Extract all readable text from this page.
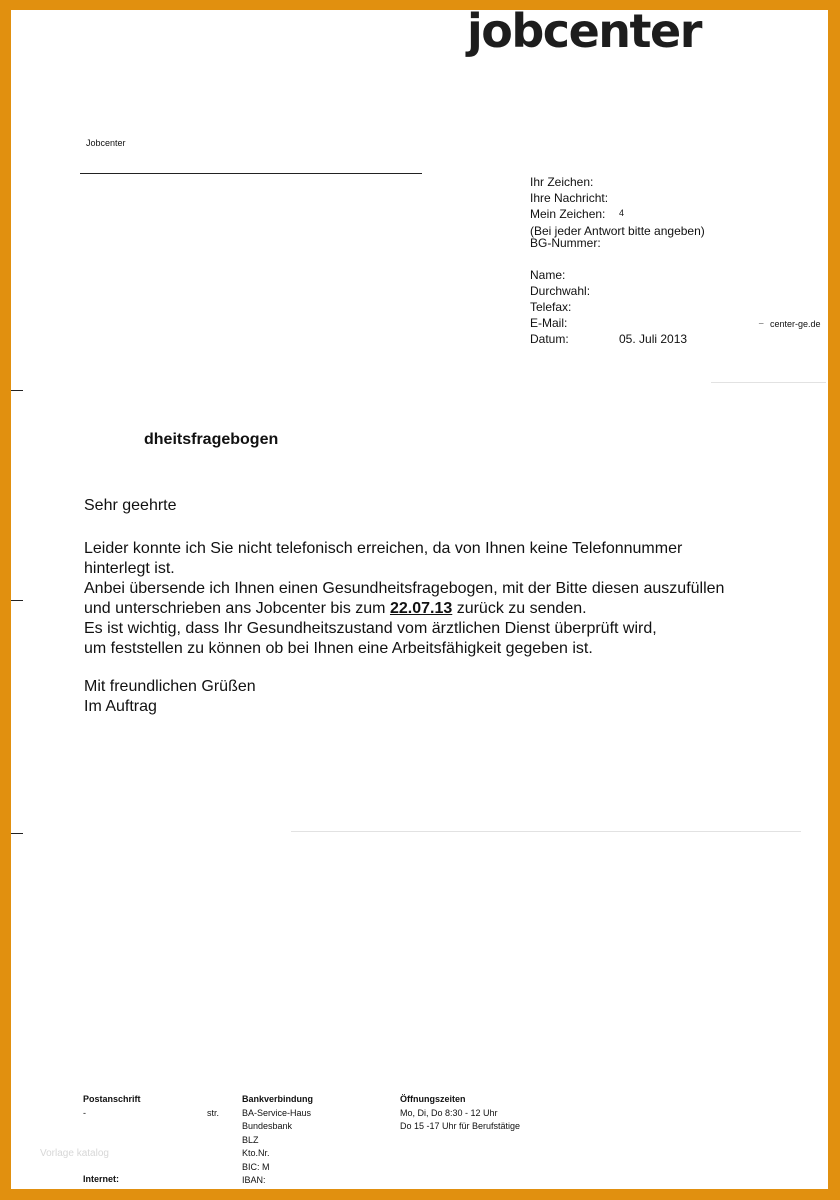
jobcenter
Jobcenter
Ihr Zeichen:
Ihre Nachricht:
Mein Zeichen: 4
(Bei jeder Antwort bitte angeben)
BG-Nummer:
Name:
Durchwahl:
Telefax:
E-Mail:	_ center-ge.de
Datum:	05. Juli 2013
dheitsfragebogen
Sehr geehrte
Leider konnte ich Sie nicht telefonisch erreichen, da von Ihnen keine Telefonnummer
hinterlegt ist.
Anbei übersende ich Ihnen einen Gesundheitsfragebogen, mit der Bitte diesen auszufüllen
und unterschrieben ans Jobcenter bis zum 22.07.13 zurück zu senden.
Es ist wichtig, dass Ihr Gesundheitszustand vom ärztlichen Dienst überprüft wird,
um feststellen zu können ob bei Ihnen eine Arbeitsfähigkeit gegeben ist.
Mit freundlichen Grüßen
Im Auftrag
Postanschrift
-	str.
Internet:
Bankverbindung
BA-Service-Haus
Bundesbank
BLZ
Kto.Nr.
BIC: M
IBAN:
Öffnungszeiten
Mo, Di, Do 8:30 - 12 Uhr
Do 15 -17 Uhr für Berufstätige
Vorlage katalog
